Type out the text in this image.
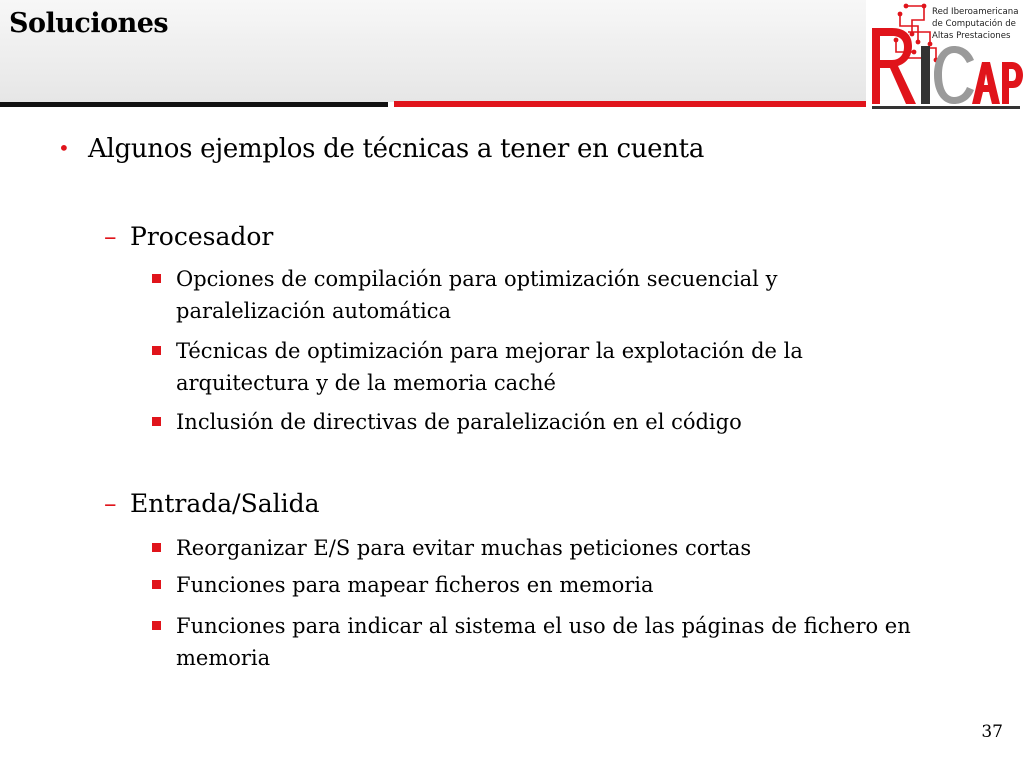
Soluciones	Red Iberoamericana
de Computación de
Altas Prestaciones
• Algunos ejemplos de técnicas a tener en cuenta
– Procesador
Opciones de compilación para optimización secuencial y paralelización automática
Técnicas de optimización para mejorar la explotación de la arquitectura y de la memoria caché
Inclusión de directivas de paralelización en el código
– Entrada/Salida
Reorganizar E/S para evitar muchas peticiones cortas
Funciones para mapear ficheros en memoria
Funciones para indicar al sistema el uso de las páginas de fichero en memoria
37
